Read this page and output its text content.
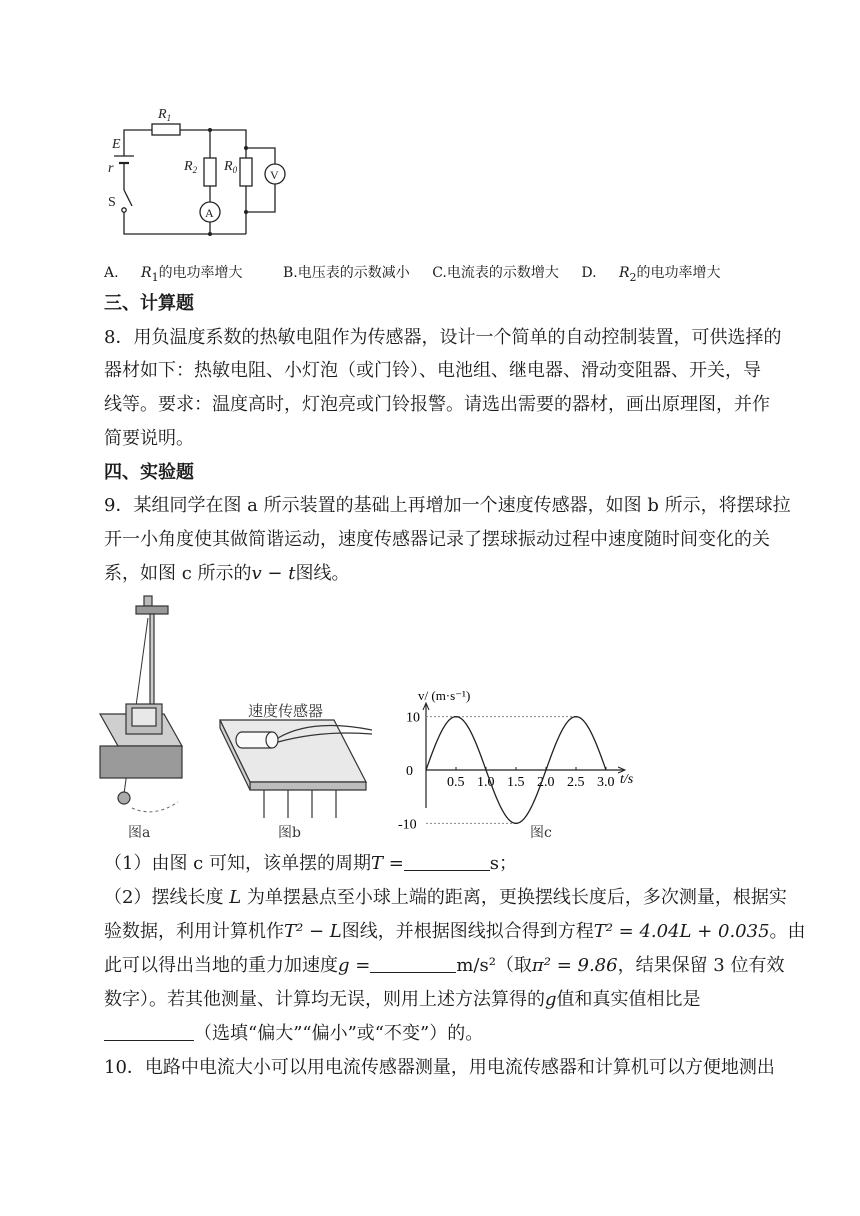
$R_1$
E
r
S
$R_2$ $R_0$
A
V
A. $R_1$的电功率增大	B.电压表的示数减小 C.电流表的示数增大 D. $R_2$的电功率增大
三、计算题
8．用负温度系数的热敏电阻作为传感器，设计一个简单的自动控制装置，可供选择的
器材如下：热敏电阻、小灯泡（或门铃）、电池组、继电器、滑动变阻器、开关，导
线等。要求：温度高时，灯泡亮或门铃报警。请选出需要的器材，画出原理图，并作
简要说明。
四、实验题
9．某组同学在图 a 所示装置的基础上再增加一个速度传感器，如图 b 所示，将摆球拉
开一小角度使其做简谐运动，速度传感器记录了摆球振动过程中速度随时间变化的关
系，如图 c 所示的v − t图线。
图a
速度传感器
图b
0.5 1.0 1.5 2.0 2.5 3.0
10
0
-10
v/ (m·s⁻¹)
t/s
图c
（1）由图 c 可知，该单摆的周期T =	s；
（2）摆线长度 L 为单摆悬点至小球上端的距离，更换摆线长度后，多次测量，根据实
验数据，利用计算机作T² − L图线，并根据图线拟合得到方程T² = 4.04L + 0.035。由
此可以得出当地的重力加速度g =	m/s²（取π² = 9.86，结果保留 3 位有效
数字）。若其他测量、计算均无误，则用上述方法算得的g值和真实值相比是
（选填“偏大”“偏小”或“不变”）的。
10．电路中电流大小可以用电流传感器测量，用电流传感器和计算机可以方便地测出
